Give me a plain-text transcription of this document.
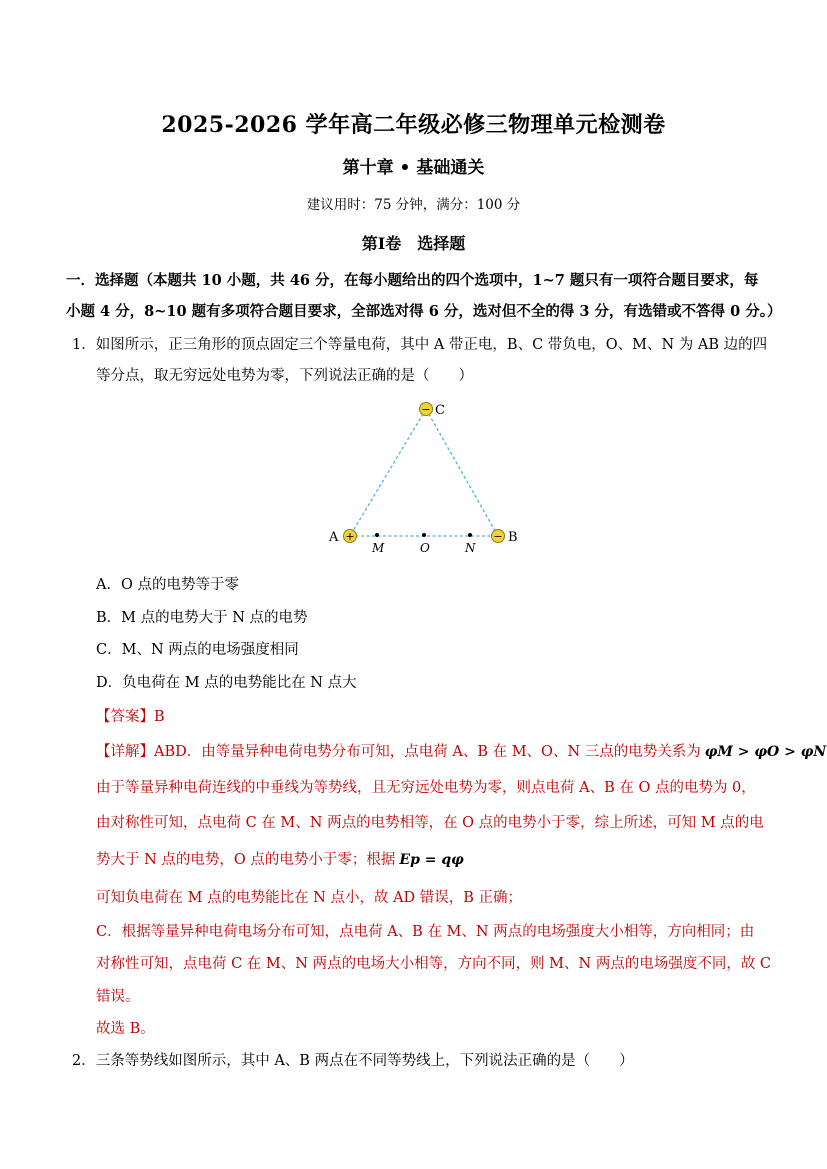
2025-2026 学年高二年级必修三物理单元检测卷
第十章 • 基础通关
建议用时：75 分钟，满分：100 分
第Ⅰ卷　选择题
一．选择题（本题共 10 小题，共 46 分，在每小题给出的四个选项中，1~7 题只有一项符合题目要求，每
小题 4 分，8~10 题有多项符合题目要求，全部选对得 6 分，选对但不全的得 3 分，有选错或不答得 0 分。）
1．如图所示，正三角形的顶点固定三个等量电荷，其中 A 带正电，B、C 带负电，O、M、N 为 AB 边的四
等分点，取无穷远处电势为零，下列说法正确的是（　　）
− C
+
A	− B
M	O	N
A．O 点的电势等于零
B．M 点的电势大于 N 点的电势
C．M、N 两点的电场强度相同
D．负电荷在 M 点的电势能比在 N 点大
【答案】B
【详解】ABD．由等量异种电荷电势分布可知，点电荷 A、B 在 M、O、N 三点的电势关系为 φM > φO > φN
由于等量异种电荷连线的中垂线为等势线，且无穷远处电势为零，则点电荷 A、B 在 O 点的电势为 0，
由对称性可知，点电荷 C 在 M、N 两点的电势相等，在 O 点的电势小于零，综上所述，可知 M 点的电
势大于 N 点的电势，O 点的电势小于零；根据 Ep = qφ
可知负电荷在 M 点的电势能比在 N 点小，故 AD 错误，B 正确；
C．根据等量异种电荷电场分布可知，点电荷 A、B 在 M、N 两点的电场强度大小相等，方向相同；由
对称性可知，点电荷 C 在 M、N 两点的电场大小相等，方向不同，则 M、N 两点的电场强度不同，故 C
错误。
故选 B。
2．三条等势线如图所示，其中 A、B 两点在不同等势线上，下列说法正确的是（　　）
